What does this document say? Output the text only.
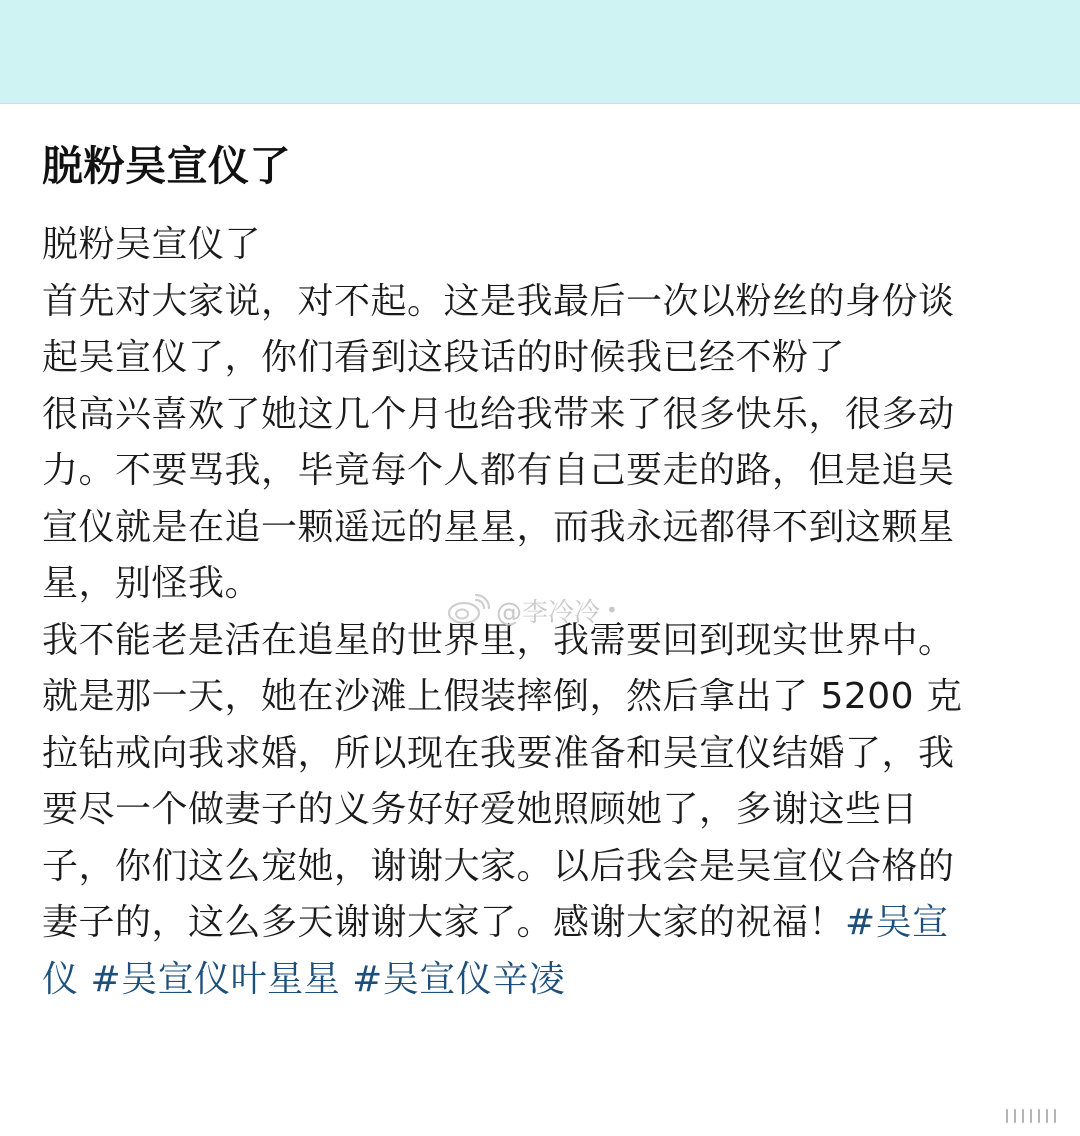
脱粉吴宣仪了
脱粉吴宣仪了
首先对大家说，对不起。这是我最后一次以粉丝的身份谈
起吴宣仪了，你们看到这段话的时候我已经不粉了
很高兴喜欢了她这几个月也给我带来了很多快乐，很多动
力。不要骂我，毕竟每个人都有自己要走的路，但是追吴
宣仪就是在追一颗遥远的星星，而我永远都得不到这颗星
星，别怪我。
我不能老是活在追星的世界里，我需要回到现实世界中。
就是那一天，她在沙滩上假装摔倒，然后拿出了 5200 克
拉钻戒向我求婚，所以现在我要准备和吴宣仪结婚了，我
要尽一个做妻子的义务好好爱她照顾她了，多谢这些日
子，你们这么宠她，谢谢大家。以后我会是吴宣仪合格的
妻子的，这么多天谢谢大家了。感谢大家的祝福！#吴宣
仪 #吴宣仪叶星星 #吴宣仪辛凌
@李冷冷 •
